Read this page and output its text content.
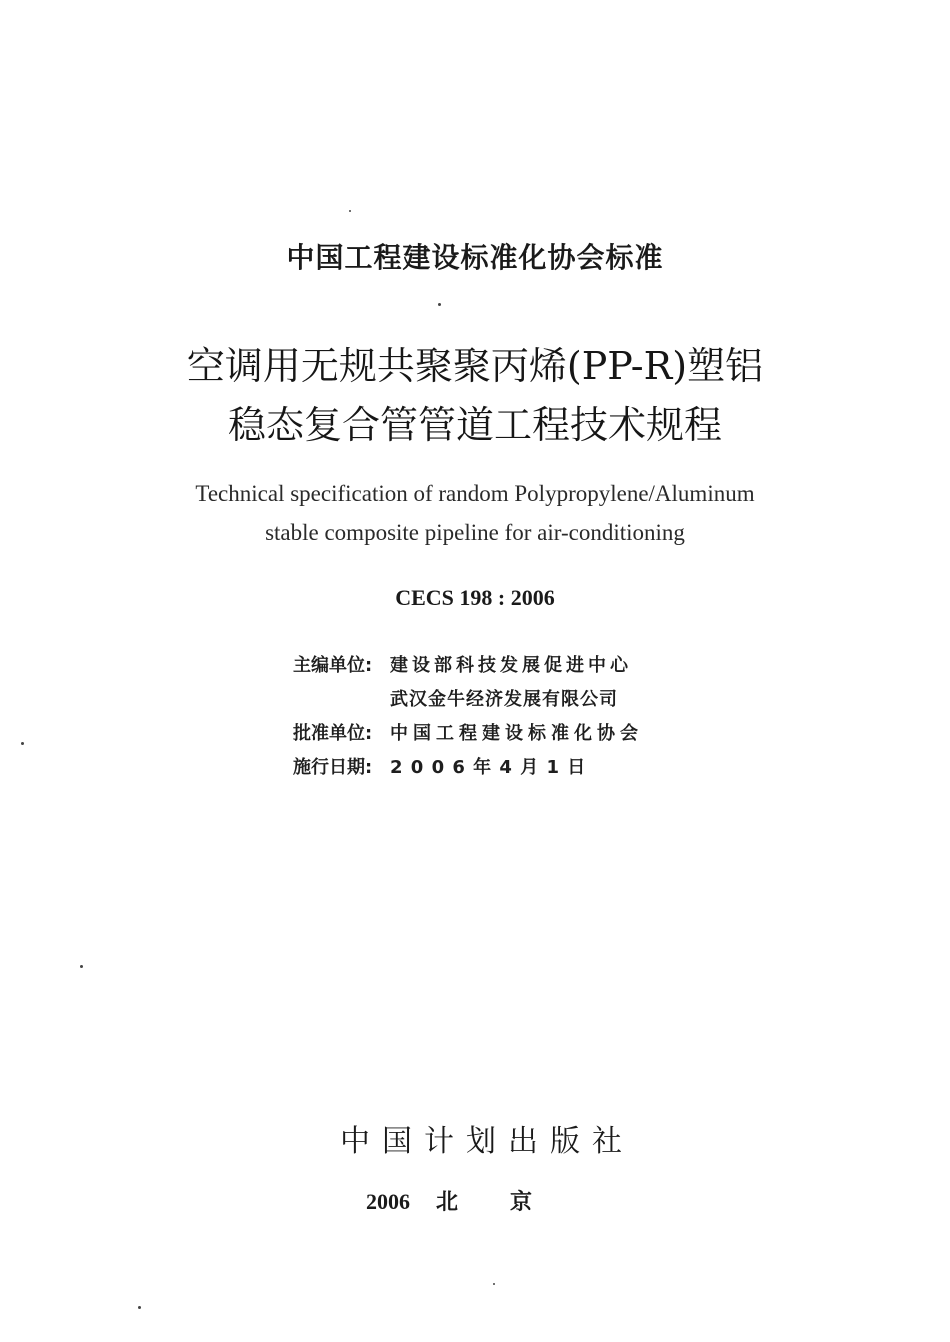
中国工程建设标准化协会标准
空调用无规共聚聚丙烯(PP-R)塑铝
稳态复合管管道工程技术规程
Technical specification of random Polypropylene/Aluminum
stable composite pipeline for air-conditioning
CECS 198 : 2006
主编单位: 建设部科技发展促进中心
武汉金牛经济发展有限公司
批准单位: 中国工程建设标准化协会
施行日期: 2 0 0 6 年 4 月 1 日
中国计划出版社
2006 北京
